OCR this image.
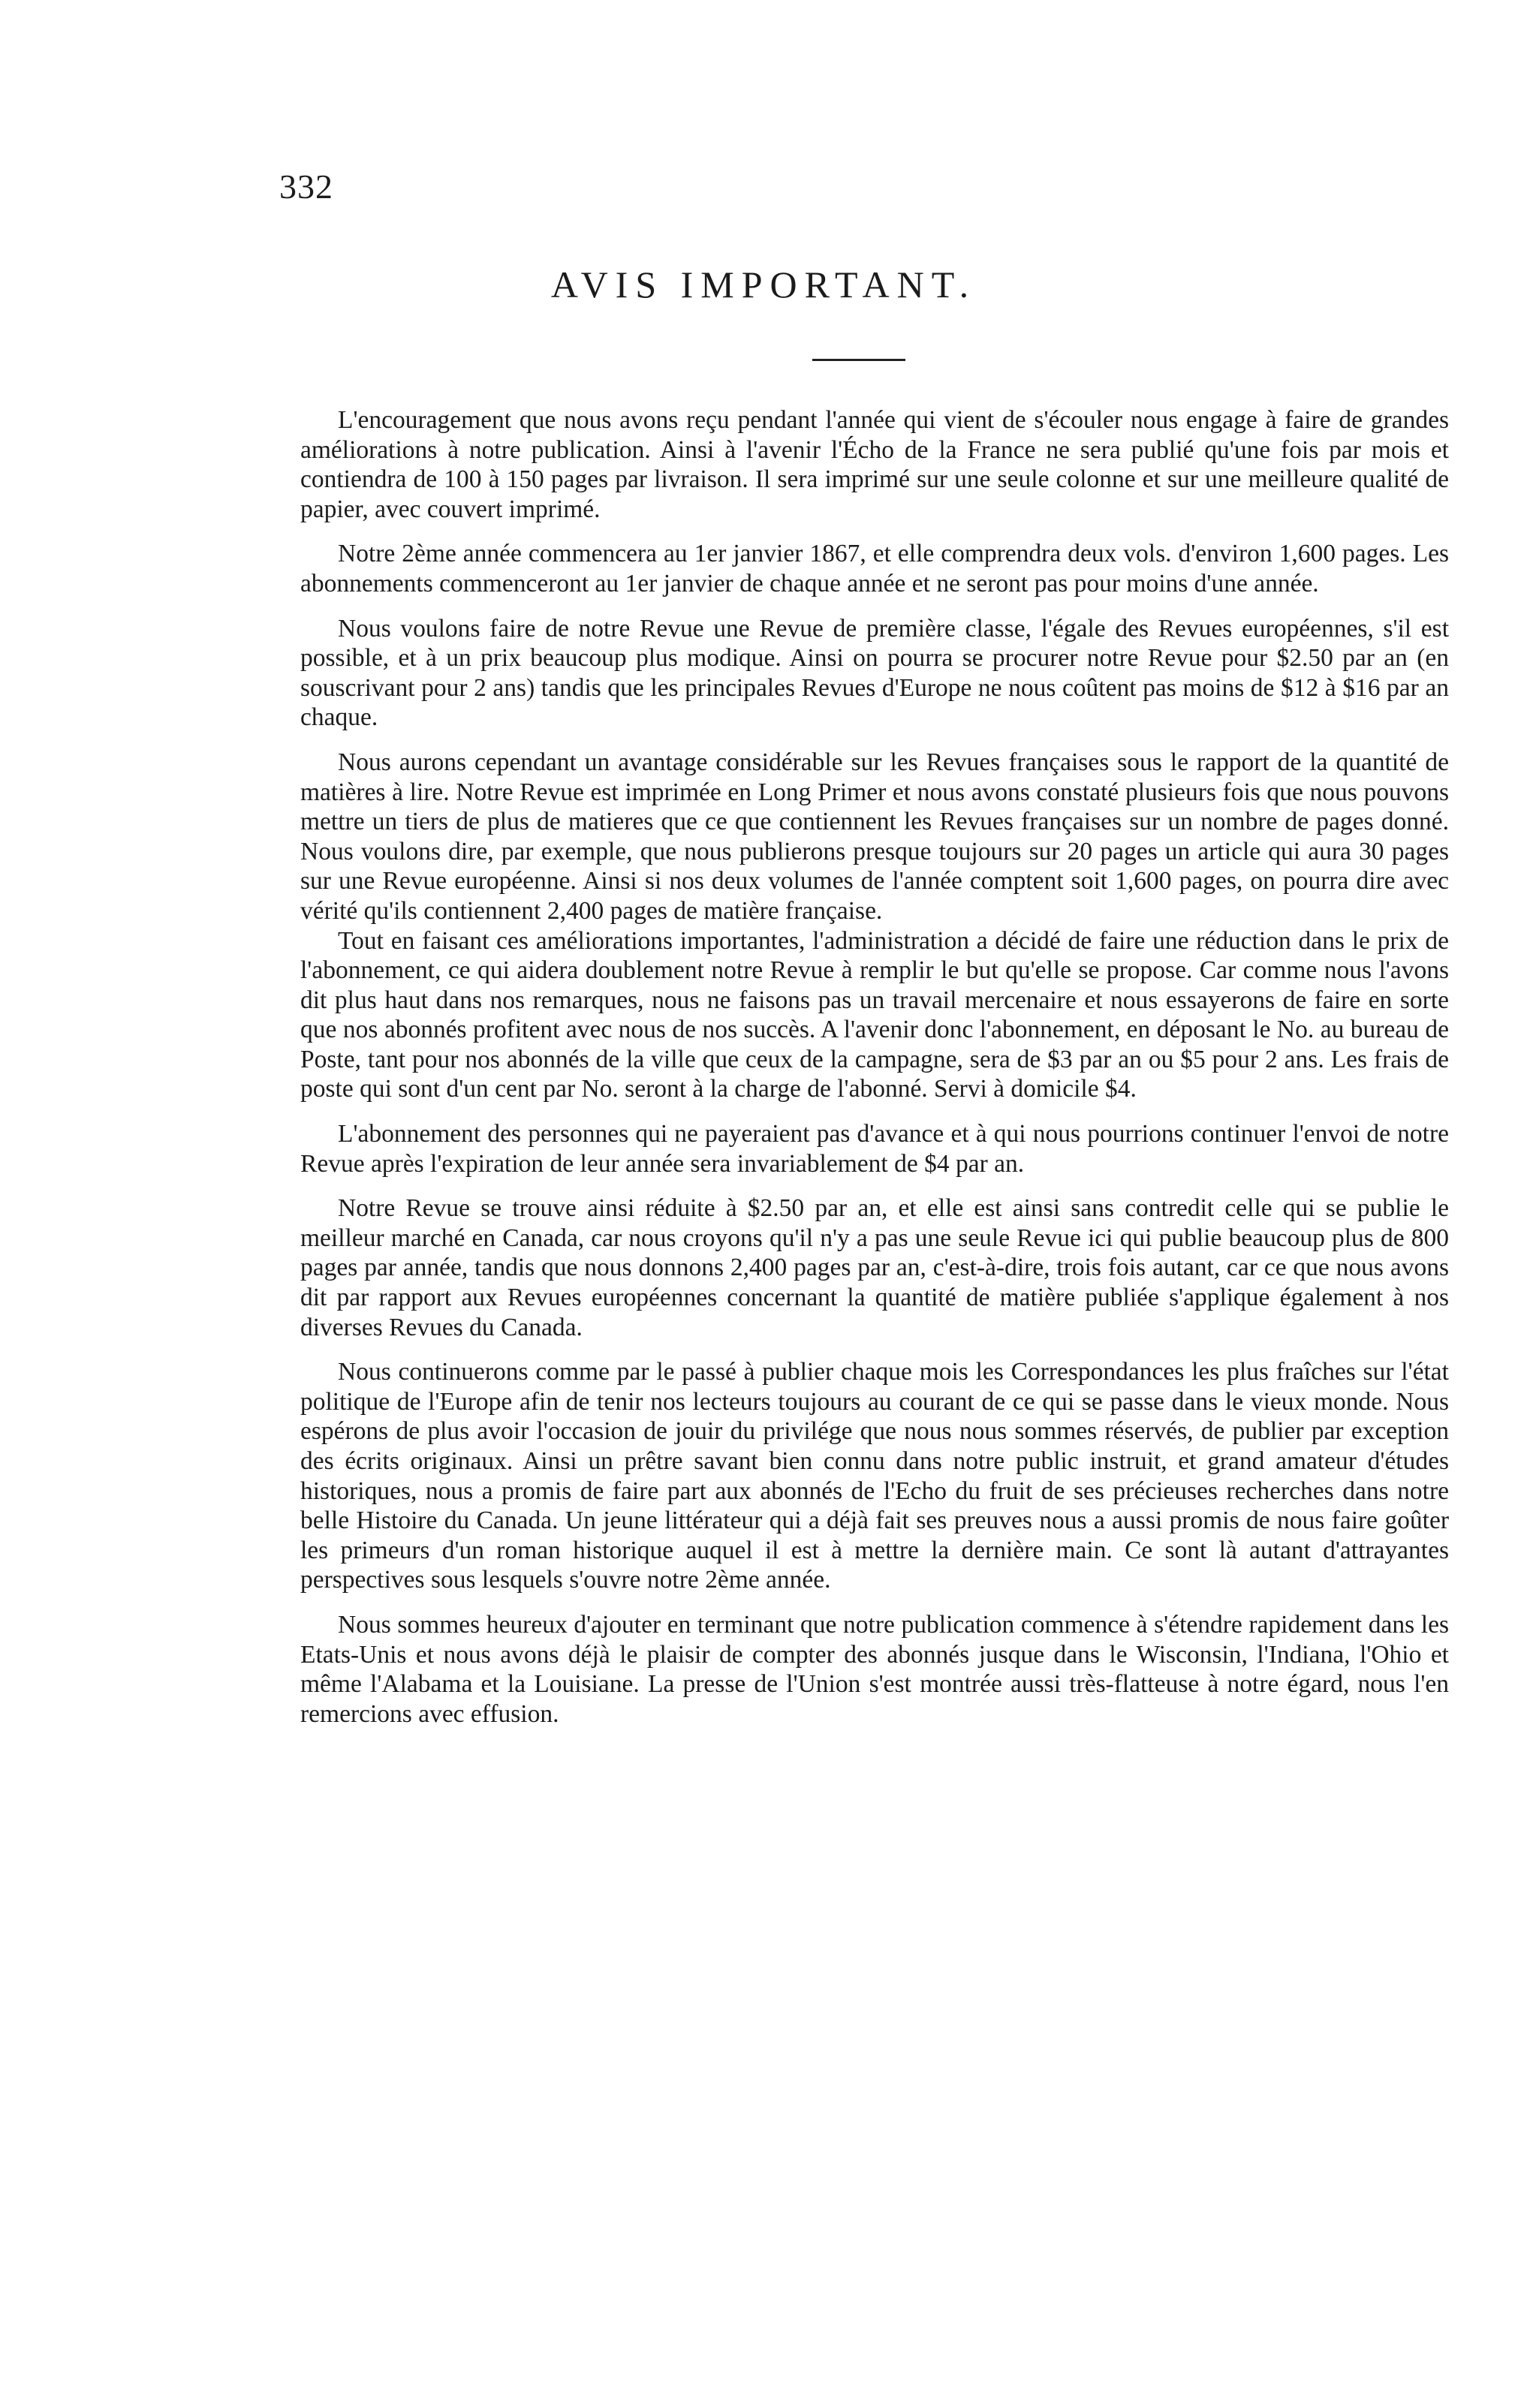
332
AVIS IMPORTANT.

L'encouragement que nous avons reçu pendant l'année qui vient de s'écouler nous engage à faire de grandes améliorations à notre publication. Ainsi à l'avenir l'Écho de la France ne sera publié qu'une fois par mois et contiendra de 100 à 150 pages par livraison. Il sera imprimé sur une seule colonne et sur une meilleure qualité de papier, avec couvert imprimé.

Notre 2ème année commencera au 1er janvier 1867, et elle comprendra deux vols. d'environ 1,600 pages. Les abonnements commenceront au 1er janvier de chaque année et ne seront pas pour moins d'une année.

Nous voulons faire de notre Revue une Revue de première classe, l'égale des Revues européennes, s'il est possible, et à un prix beaucoup plus modique. Ainsi on pourra se procurer notre Revue pour $2.50 par an (en souscrivant pour 2 ans) tandis que les principales Revues d'Europe ne nous coûtent pas moins de $12 à $16 par an chaque.

Nous aurons cependant un avantage considérable sur les Revues françaises sous le rapport de la quantité de matières à lire. Notre Revue est imprimée en Long Primer et nous avons constaté plusieurs fois que nous pouvons mettre un tiers de plus de matieres que ce que contiennent les Revues françaises sur un nombre de pages donné. Nous voulons dire, par exemple, que nous publierons presque toujours sur 20 pages un article qui aura 30 pages sur une Revue européenne. Ainsi si nos deux volumes de l'année comptent soit 1,600 pages, on pourra dire avec vérité qu'ils contiennent 2,400 pages de matière française.

Tout en faisant ces améliorations importantes, l'administration a décidé de faire une réduction dans le prix de l'abonnement, ce qui aidera doublement notre Revue à remplir le but qu'elle se propose. Car comme nous l'avons dit plus haut dans nos remarques, nous ne faisons pas un travail mercenaire et nous essayerons de faire en sorte que nos abonnés profitent avec nous de nos succès. A l'avenir donc l'abonnement, en déposant le No. au bureau de Poste, tant pour nos abonnés de la ville que ceux de la campagne, sera de $3 par an ou $5 pour 2 ans. Les frais de poste qui sont d'un cent par No. seront à la charge de l'abonné. Servi à domicile $4.

L'abonnement des personnes qui ne payeraient pas d'avance et à qui nous pourrions continuer l'envoi de notre Revue après l'expiration de leur année sera invariablement de $4 par an.

Notre Revue se trouve ainsi réduite à $2.50 par an, et elle est ainsi sans contredit celle qui se publie le meilleur marché en Canada, car nous croyons qu'il n'y a pas une seule Revue ici qui publie beaucoup plus de 800 pages par année, tandis que nous donnons 2,400 pages par an, c'est-à-dire, trois fois autant, car ce que nous avons dit par rapport aux Revues européennes concernant la quantité de matière publiée s'applique également à nos diverses Revues du Canada.

Nous continuerons comme par le passé à publier chaque mois les Correspondances les plus fraîches sur l'état politique de l'Europe afin de tenir nos lecteurs toujours au courant de ce qui se passe dans le vieux monde. Nous espérons de plus avoir l'occasion de jouir du privilége que nous nous sommes réservés, de publier par exception des écrits originaux. Ainsi un prêtre savant bien connu dans notre public instruit, et grand amateur d'études historiques, nous a promis de faire part aux abonnés de l'Echo du fruit de ses précieuses recherches dans notre belle Histoire du Canada. Un jeune littérateur qui a déjà fait ses preuves nous a aussi promis de nous faire goûter les primeurs d'un roman historique auquel il est à mettre la dernière main. Ce sont là autant d'attrayantes perspectives sous lesquels s'ouvre notre 2ème année.

Nous sommes heureux d'ajouter en terminant que notre publication commence à s'étendre rapidement dans les Etats-Unis et nous avons déjà le plaisir de compter des abonnés jusque dans le Wisconsin, l'Indiana, l'Ohio et même l'Alabama et la Louisiane. La presse de l'Union s'est montrée aussi très-flatteuse à notre égard, nous l'en remercions avec effusion.
